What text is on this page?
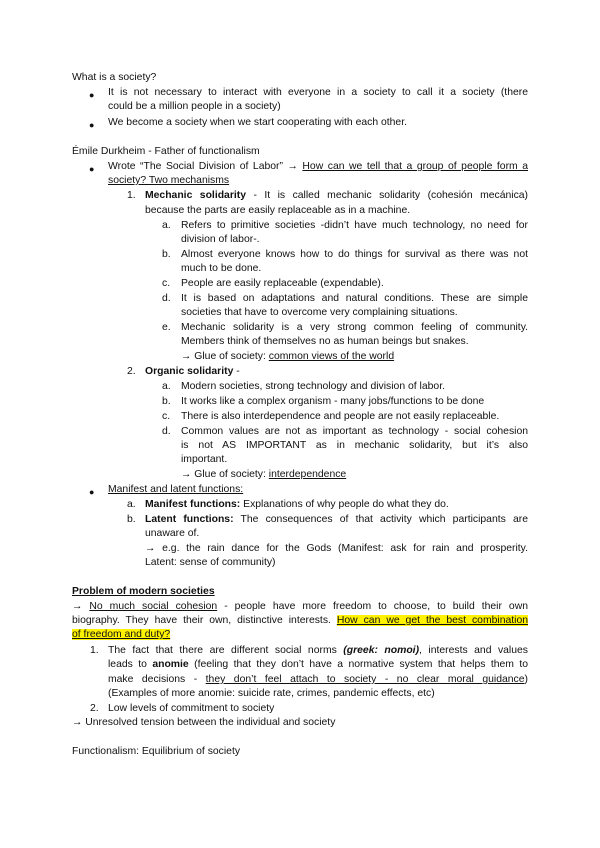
What is a society?
● It is not necessary to interact with everyone in a society to call it a society (there
could be a million people in a society)
● We become a society when we start cooperating with each other.
Émile Durkheim - Father of functionalism
● Wrote “The Social Division of Labor” → How can we tell that a group of people form a
society? Two mechanisms
1. Mechanic solidarity - It is called mechanic solidarity (cohesión mecánica)
because the parts are easily replaceable as in a machine.
a. Refers to primitive societies -didn’t have much technology, no need for
division of labor-.
b. Almost everyone knows how to do things for survival as there was not
much to be done.
c. People are easily replaceable (expendable).
d. It is based on adaptations and natural conditions. These are simple
societies that have to overcome very complaining situations.
e. Mechanic solidarity is a very strong common feeling of community.
Members think of themselves no as human beings but snakes.
→ Glue of society: common views of the world
2. Organic solidarity -
a. Modern societies, strong technology and division of labor.
b. It works like a complex organism - many jobs/functions to be done
c. There is also interdependence and people are not easily replaceable.
d. Common values are not as important as technology - social cohesion
is not AS IMPORTANT as in mechanic solidarity, but it’s also
important.
→ Glue of society: interdependence
● Manifest and latent functions:
a. Manifest functions: Explanations of why people do what they do.
b. Latent functions: The consequences of that activity which participants are
unaware of.
→ e.g. the rain dance for the Gods (Manifest: ask for rain and prosperity.
Latent: sense of community)
Problem of modern societies
→ No much social cohesion - people have more freedom to choose, to build their own
biography. They have their own, distinctive interests. How can we get the best combination
of freedom and duty?
1. The fact that there are different social norms (greek: nomoi), interests and values
leads to anomie (feeling that they don’t have a normative system that helps them to
make decisions - they don’t feel attach to society - no clear moral guidance)
(Examples of more anomie: suicide rate, crimes, pandemic effects, etc)
2. Low levels of commitment to society
→ Unresolved tension between the individual and society
Functionalism: Equilibrium of society
